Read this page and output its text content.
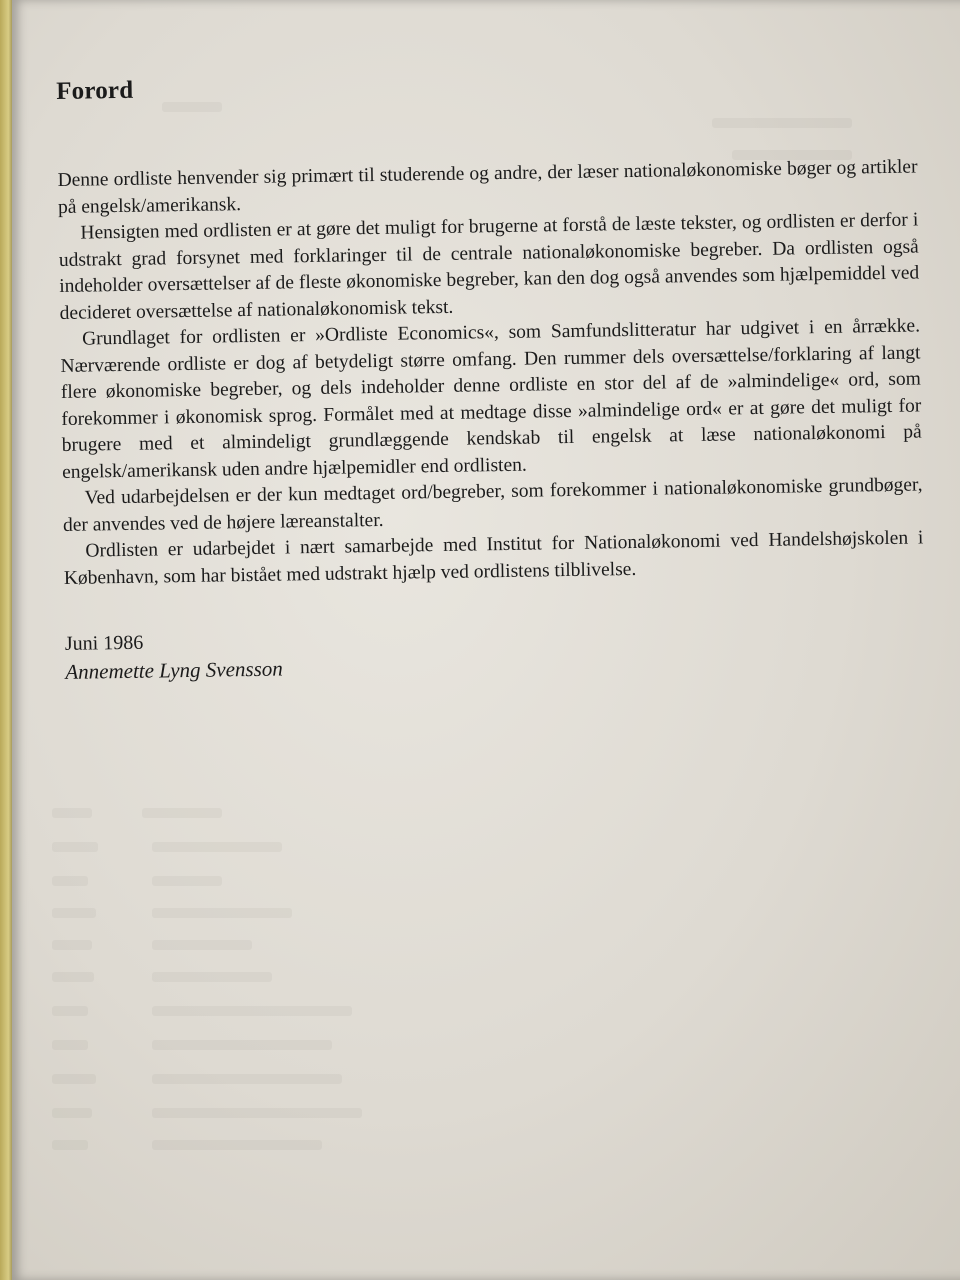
Forord

Denne ordliste henvender sig primært til studerende og andre, der læser nationaløkonomiske bøger og artikler på engelsk/amerikansk.

Hensigten med ordlisten er at gøre det muligt for brugerne at forstå de læste tekster, og ordlisten er derfor i udstrakt grad forsynet med forklaringer til de centrale nationaløkonomiske begreber. Da ordlisten også indeholder oversættelser af de fleste økonomiske begreber, kan den dog også anvendes som hjælpemiddel ved decideret oversættelse af nationaløkonomisk tekst.

Grundlaget for ordlisten er »Ordliste Economics«, som Samfundslitteratur har udgivet i en årrække. Nærværende ordliste er dog af betydeligt større omfang. Den rummer dels oversættelse/forklaring af langt flere økonomiske begreber, og dels indeholder denne ordliste en stor del af de »almindelige« ord, som forekommer i økonomisk sprog. Formålet med at medtage disse »almindelige ord« er at gøre det muligt for brugere med et almindeligt grundlæggende kendskab til engelsk at læse nationaløkonomi på engelsk/amerikansk uden andre hjælpemidler end ordlisten.

Ved udarbejdelsen er der kun medtaget ord/begreber, som forekommer i nationaløkonomiske grundbøger, der anvendes ved de højere læreanstalter.

Ordlisten er udarbejdet i nært samarbejde med Institut for Nationaløkonomi ved Handelshøjskolen i København, som har bistået med udstrakt hjælp ved ordlistens tilblivelse.

Juni 1986
Annemette Lyng Svensson
